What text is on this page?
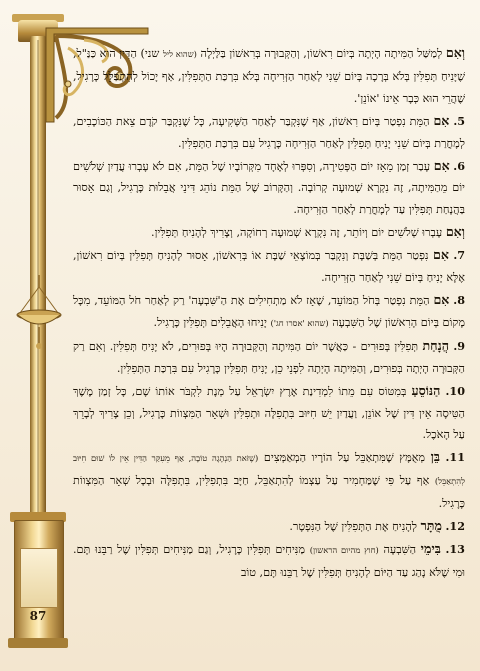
87

וְאִם לְמַשַּׁל הַמִּיתָה הָיְתָה בְּיוֹם רִאשׁוֹן, וְהַקְּבוּרָה בְּרִאשׁוֹן בַּלַּיְלָה (שהוא ליל שני) הַדִּין הוּא כַּנַּ"ל, שֶׁיָּנִיחַ תְּפִלִּין בְּלֹא בְּרָכָה בְּיוֹם שֵׁנִי לְאַחַר הַזְּרִיחָה בְּלֹא בִּרְכַּת הַתְּפִלִּין, אַף יָכוֹל לְהִתְפַּלֵּל כָּרָגִיל, שֶׁהֲרֵי הוּא כְּבָר אֵינוֹ 'אוֹנֵן'.

5. אִם הַמֵּת נִפְטַר בְּיוֹם רִאשׁוֹן, אַף שֶׁנִּקְבַּר לְאַחַר הַשְּׁקִיעָה, כָּל שֶׁנִּקְבַּר קֹדֶם צֵאת הַכּוֹכָבִים, לְמָחֳרַת בְּיוֹם שֵׁנִי יָנִיחַ תְּפִלִּין לְאַחַר הַזְּרִיחָה כָּרָגִיל עִם בִּרְכַּת הַתְּפִלִּין.

6. אִם עָבַר זְמַן מֵאָז יוֹם הַפְּטִירָה, וְסִפְּרוּ לְאֶחָד מִקְּרוֹבָיו שֶׁל הַמֵּת, אִם לֹא עָבְרוּ עֲדַיִן שְׁלֹשִׁים יוֹם מֵהַמִּיתָה, זֶה נִקְרָא שְׁמוּעָה קְרוֹבָה. וְהַקָּרוֹב שֶׁל הַמֵּת נוֹהֵג דִּינֵי אֲבֵלוּת כָּרָגִיל, וְגַם אָסוּר בַּהֲנָחַת תְּפִלִּין עַד לְמָחֳרַת לְאַחַר הַזְּרִיחָה.

וְאִם עָבְרוּ שְׁלֹשִׁים יוֹם וְיוֹתֵר, זֶה נִקְרָא שְׁמוּעָה רְחוֹקָה, וְצָרִיךְ לְהָנִיחַ תְּפִלִּין.

7. אִם נִפְטַר הַמֵּת בְּשַׁבָּת וְנִקְבַּר בְּמוֹצָאֵי שַׁבָּת אוֹ בְּרִאשׁוֹן, אָסוּר לְהָנִיחַ תְּפִלִּין בְּיוֹם רִאשׁוֹן, אֶלָּא יָנִיחַ בְּיוֹם שֵׁנִי לְאַחַר הַזְּרִיחָה.

8. אִם הַמֵּת נִפְטַר בְּחֹל הַמּוֹעֵד, שֶׁאָז לֹא מַתְחִילִים אֶת הַ'שִּׁבְעָה' רַק לְאַחַר חֹל הַמּוֹעֵד, מִכָּל מָקוֹם בְּיוֹם הָרִאשׁוֹן שֶׁל הַשִּׁבְעָה (שהוא 'אסרו חג') יָנִיחוּ הָאֲבֵלִים תְּפִלִּין כָּרָגִיל.

9. הֲנָחַת תְּפִלִּין בְּפוּרִים - כַּאֲשֶׁר יוֹם הַמִּיתָה וְהַקְּבוּרָה הָיוּ בְּפוּרִים, לֹא יָנִיחַ תְּפִלִּין. וְאִם רַק הַקְּבוּרָה הָיְתָה בְּפוּרִים, וְהַמִּיתָה הָיְתָה לִפְנֵי כֵן, יָנִיחַ תְּפִלִּין כָּרָגִיל עִם בִּרְכַּת הַתְּפִלִּין.

10. הַנּוֹסֵעַ בְּמִטּוֹס עִם מֵתוֹ לִמְדִינַת אֶרֶץ יִשְׂרָאֵל עַל מְנָת לִקְבֹּר אוֹתוֹ שָׁם, כָּל זְמַן מֶשֶׁךְ הַטִּיסָה אֵין דִּין שֶׁל אוֹנֵן, וַעֲדַיִן יֵשׁ חִיּוּב בִּתְפִלָּה וּתְפִלִּין וּשְׁאָר הַמִּצְווֹת כָּרָגִיל, וְכֵן צָרִיךְ לְבָרֵךְ עַל הָאֹכֶל.

11. בֵּן מְאֻמָּץ שֶׁמִּתְאַבֵּל עַל הוֹרָיו הַמְאַמְּצִים (שֶׁזֹּאת הַנְהָגָה טוֹבָה, אַף מֵעִקַּר הַדִּין אֵין לוֹ שׁוּם חִיּוּב לְהִתְאַבֵּל) אַף עַל פִּי שֶׁמַּחְמִיר עַל עַצְמוֹ לְהִתְאַבֵּל, חַיָּב בִּתְפִלִּין, בִּתְפִלָּה וּבְכָל שְׁאָר הַמִּצְווֹת כָּרָגִיל.

12. מֻתָּר לְהָנִיחַ אֶת הַתְּפִלִּין שֶׁל הַנִּפְטָר.

13. בִּימֵי הַשִּׁבְעָה (חוץ מהיום הראשון) מַנִּיחִים תְּפִלִּין כָּרָגִיל, וְגַם מַנִּיחִים תְּפִלִּין שֶׁל רַבֵּנוּ תָּם. וּמִי שֶׁלֹּא נָהַג עַד הַיּוֹם לְהָנִיחַ תְּפִלִּין שֶׁל רַבֵּנוּ תָּם, טוֹב
